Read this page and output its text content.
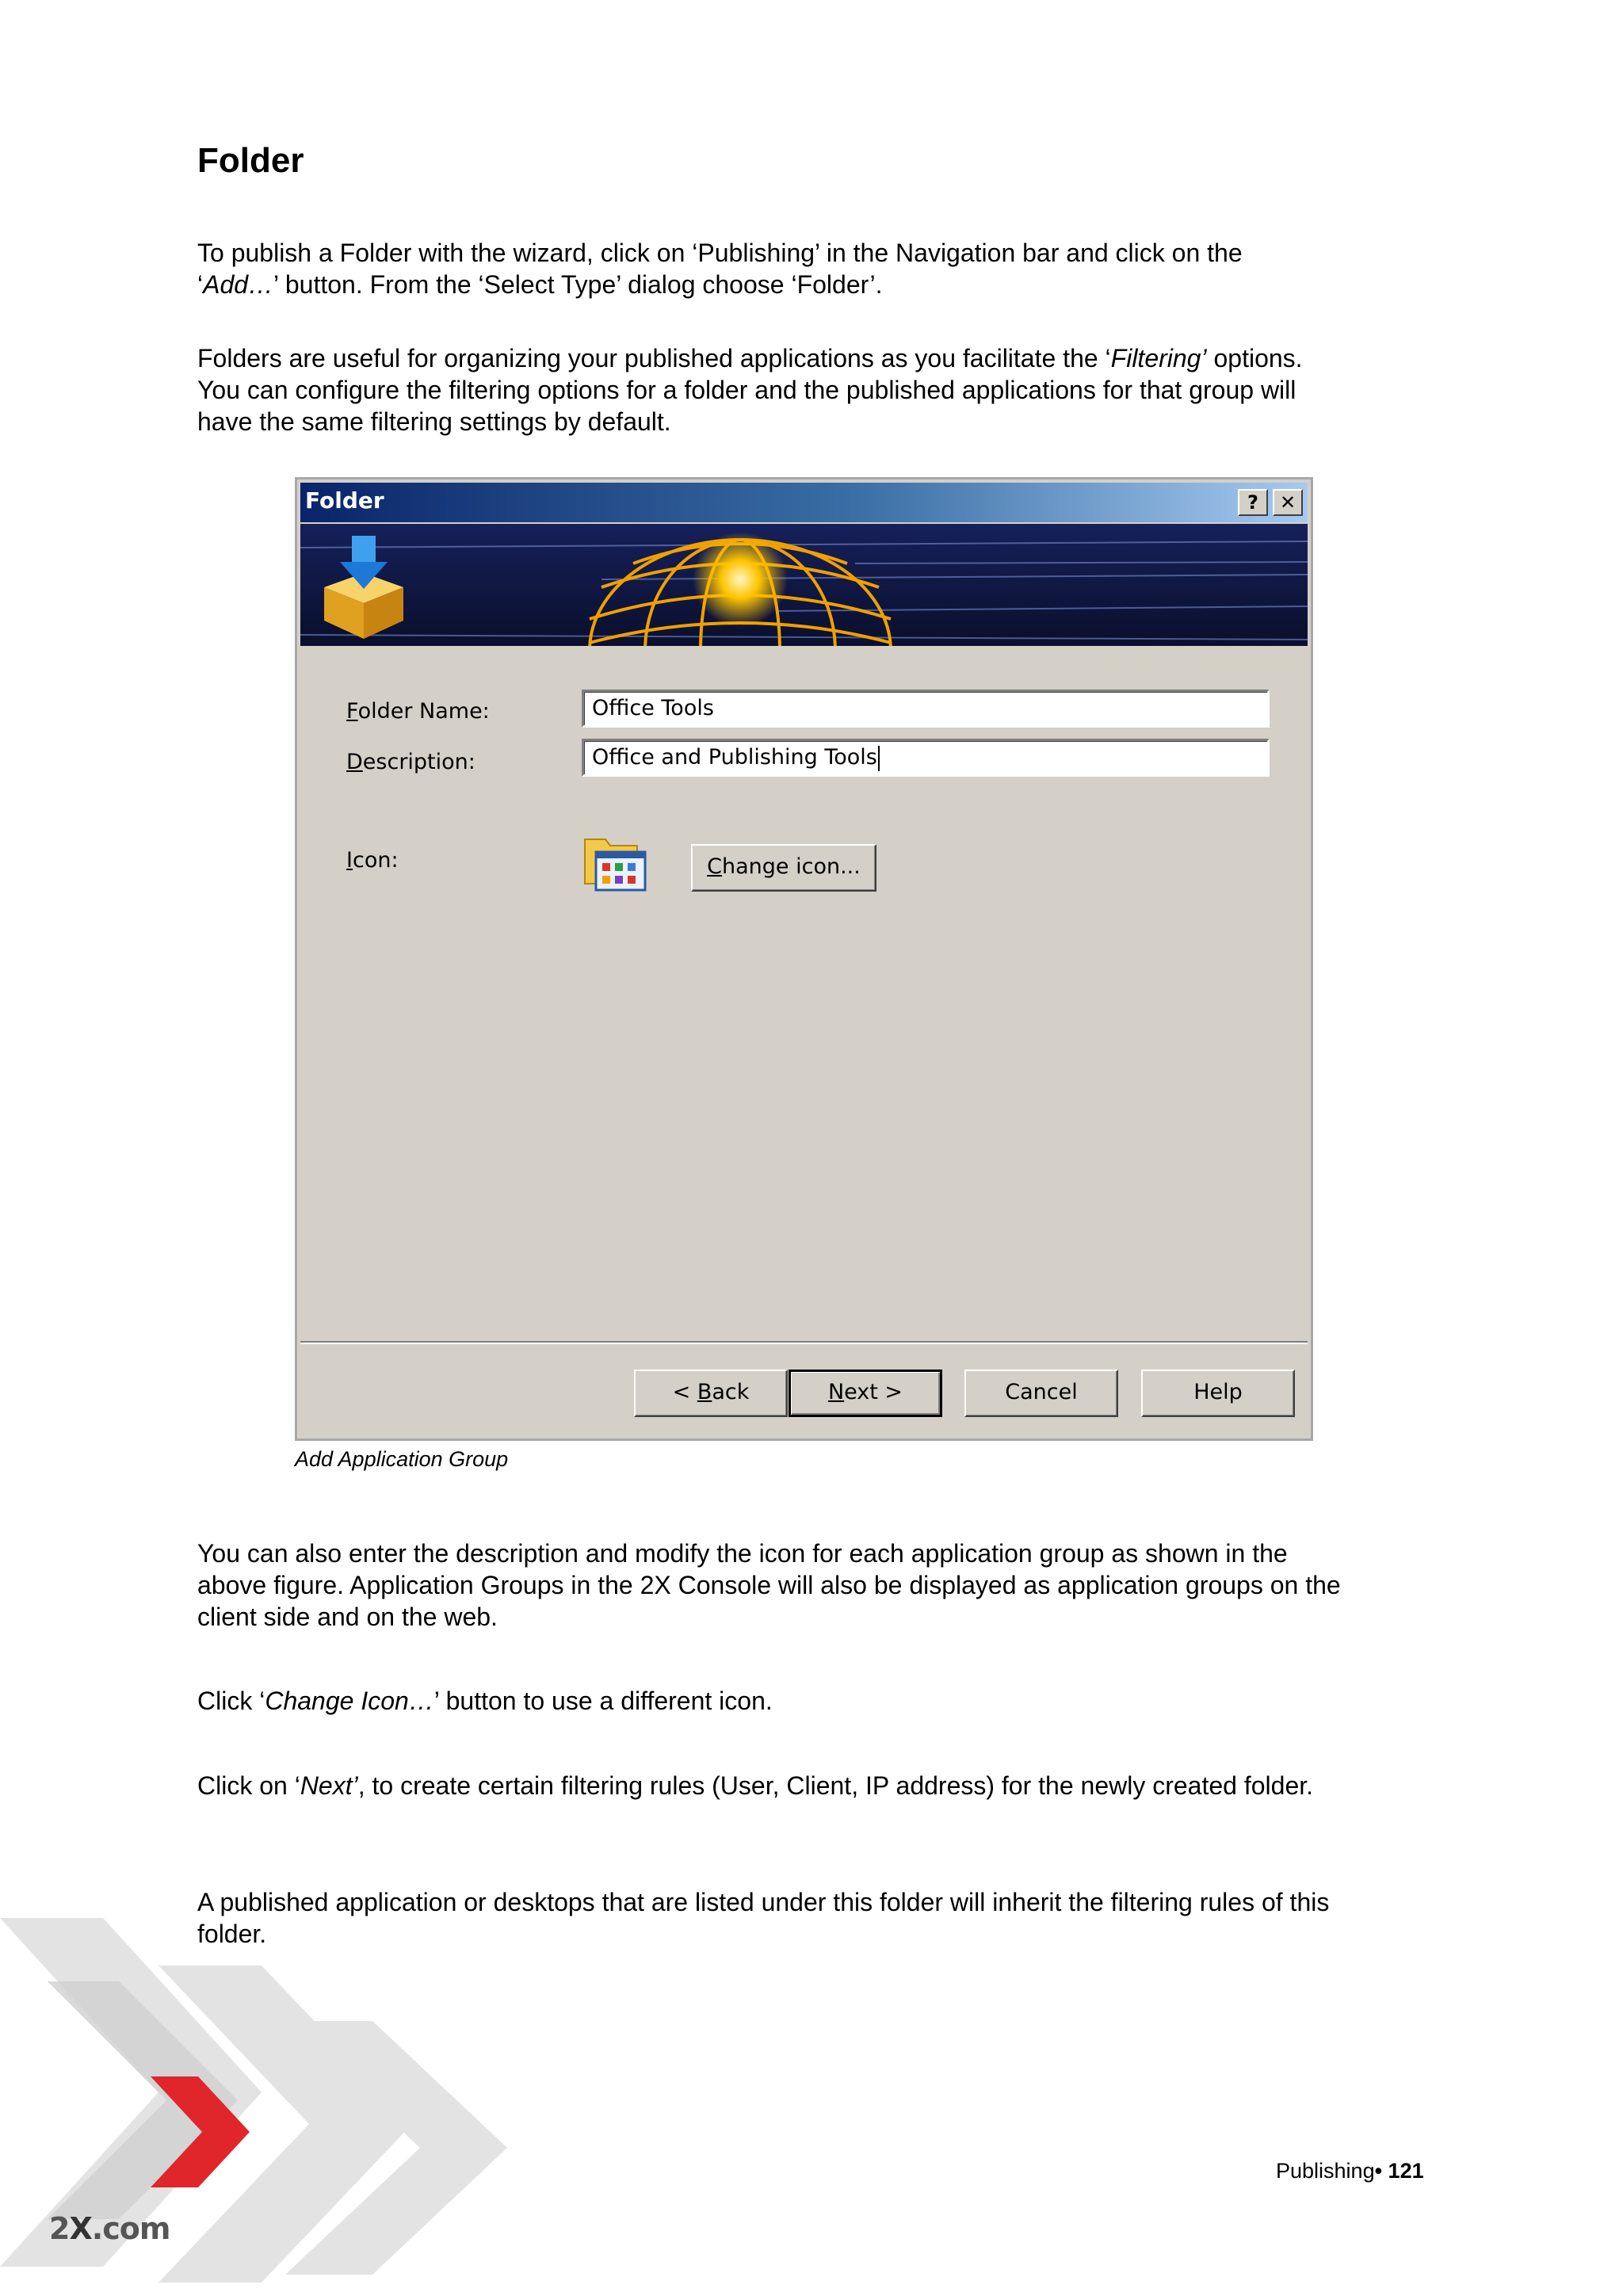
2X.com
Folder

To publish a Folder with the wizard, click on ‘Publishing’ in the Navigation bar and click on the
‘Add…’ button. From the ‘Select Type’ dialog choose ‘Folder’.

Folders are useful for organizing your published applications as you facilitate the ‘Filtering’ options. You can configure the filtering options for a folder and the published applications for that group will have the same filtering settings by default.

Folder	?	✕
Folder Name:	Office Tools
Description:	Office and Publishing Tools
Icon:	Change icon...
< Back	Next >	Cancel	Help
Add Application Group

You can also enter the description and modify the icon for each application group as shown in the above figure. Application Groups in the 2X Console will also be displayed as application groups on the client side and on the web.

Click ‘Change Icon…’ button to use a different icon.

Click on ‘Next’, to create certain filtering rules (User, Client, IP address) for the newly created folder.

A published application or desktops that are listed under this folder will inherit the filtering rules of this folder.

Publishing• 121
